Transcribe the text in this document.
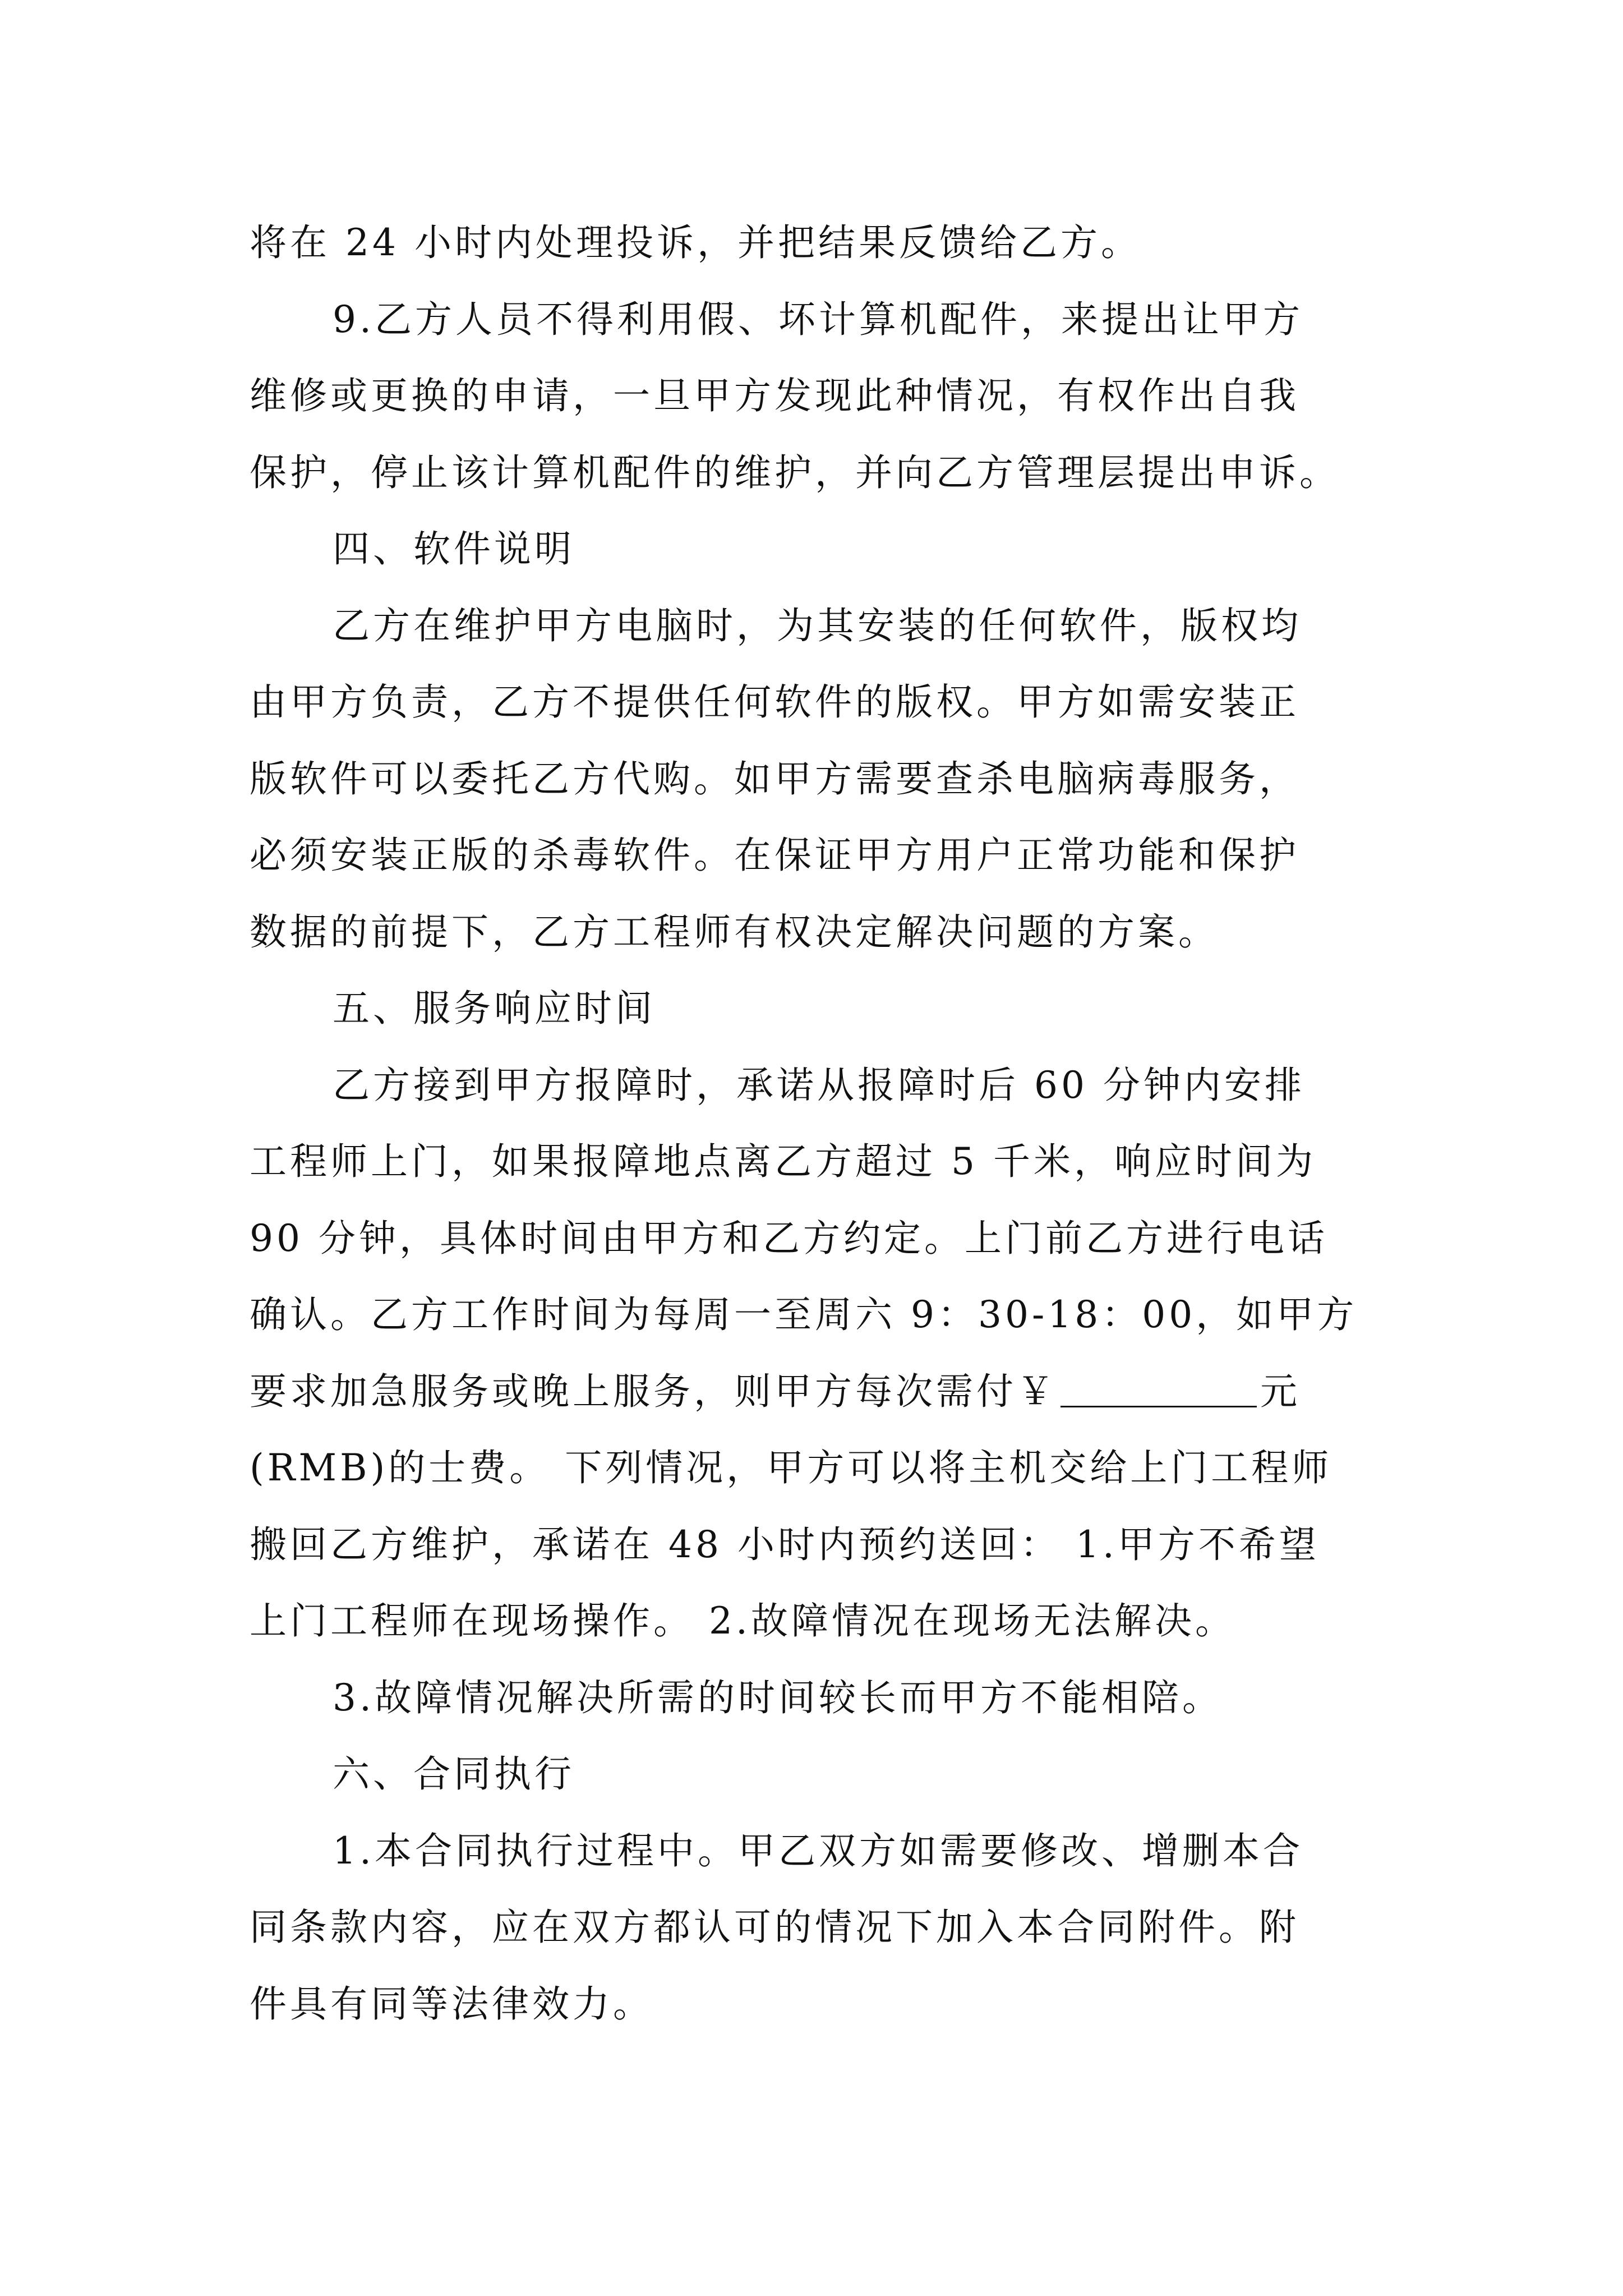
将在 24 小时内处理投诉，并把结果反馈给乙方。
9.乙方人员不得利用假、坏计算机配件，来提出让甲方
维修或更换的申请，一旦甲方发现此种情况，有权作出自我
保护，停止该计算机配件的维护，并向乙方管理层提出申诉。
四、软件说明
乙方在维护甲方电脑时，为其安装的任何软件，版权均
由甲方负责，乙方不提供任何软件的版权。甲方如需安装正
版软件可以委托乙方代购。如甲方需要查杀电脑病毒服务，
必须安装正版的杀毒软件。在保证甲方用户正常功能和保护
数据的前提下，乙方工程师有权决定解决问题的方案。
五、服务响应时间
乙方接到甲方报障时，承诺从报障时后 60 分钟内安排
工程师上门，如果报障地点离乙方超过 5 千米，响应时间为
90 分钟，具体时间由甲方和乙方约定。上门前乙方进行电话
确认。乙方工作时间为每周一至周六 9：30-18：00，如甲方
要求加急服务或晚上服务，则甲方每次需付￥	元
(RMB)的士费。 下列情况，甲方可以将主机交给上门工程师
搬回乙方维护，承诺在 48 小时内预约送回： 1.甲方不希望
上门工程师在现场操作。 2.故障情况在现场无法解决。
3.故障情况解决所需的时间较长而甲方不能相陪。
六、合同执行
1.本合同执行过程中。甲乙双方如需要修改、增删本合
同条款内容，应在双方都认可的情况下加入本合同附件。附
件具有同等法律效力。
